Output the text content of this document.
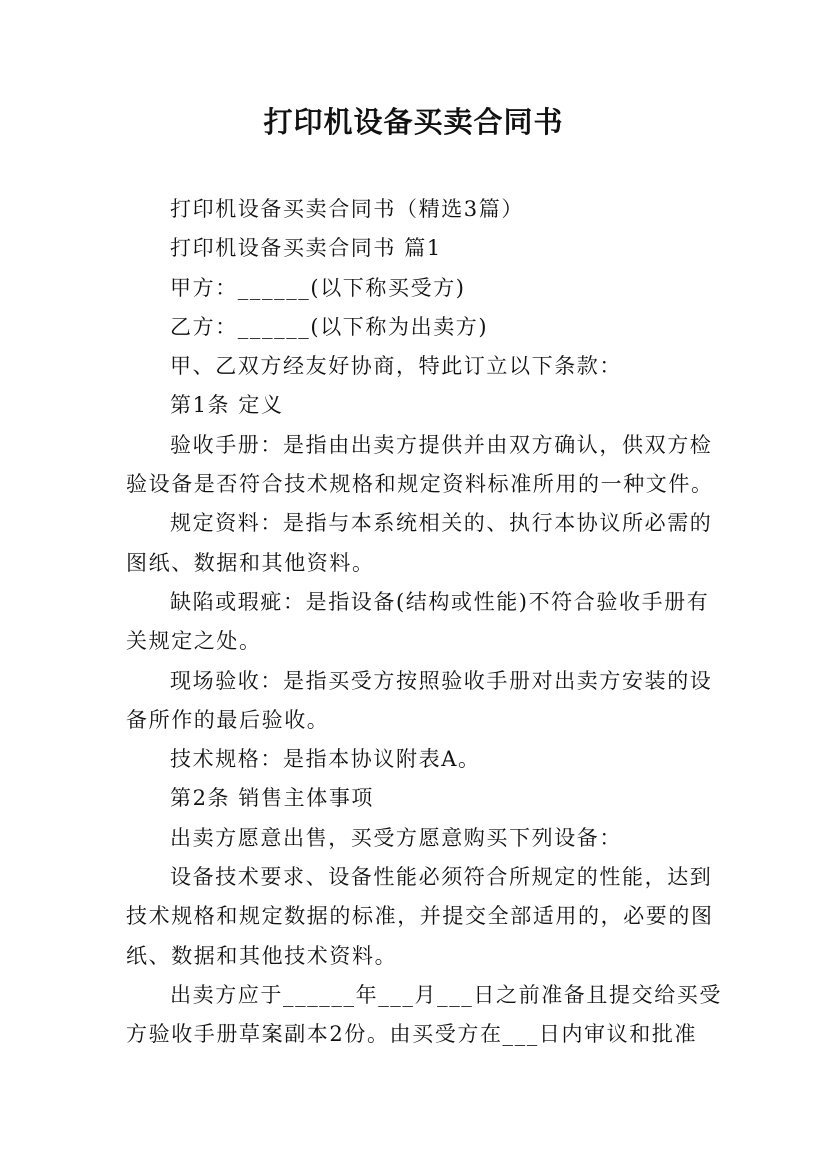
打印机设备买卖合同书

打印机设备买卖合同书（精选3篇）

打印机设备买卖合同书 篇1

甲方：______(以下称买受方)

乙方：______(以下称为出卖方)

甲、乙双方经友好协商，特此订立以下条款：

第1条 定义

验收手册：是指由出卖方提供并由双方确认，供双方检验设备是否符合技术规格和规定资料标准所用的一种文件。

规定资料：是指与本系统相关的、执行本协议所必需的图纸、数据和其他资料。

缺陷或瑕疵：是指设备(结构或性能)不符合验收手册有关规定之处。

现场验收：是指买受方按照验收手册对出卖方安装的设备所作的最后验收。

技术规格：是指本协议附表A。

第2条 销售主体事项

出卖方愿意出售，买受方愿意购买下列设备：

设备技术要求、设备性能必须符合所规定的性能，达到技术规格和规定数据的标准，并提交全部适用的，必要的图纸、数据和其他技术资料。

出卖方应于______年___月___日之前准备且提交给买受方验收手册草案副本2份。由买受方在___日内审议和批准
